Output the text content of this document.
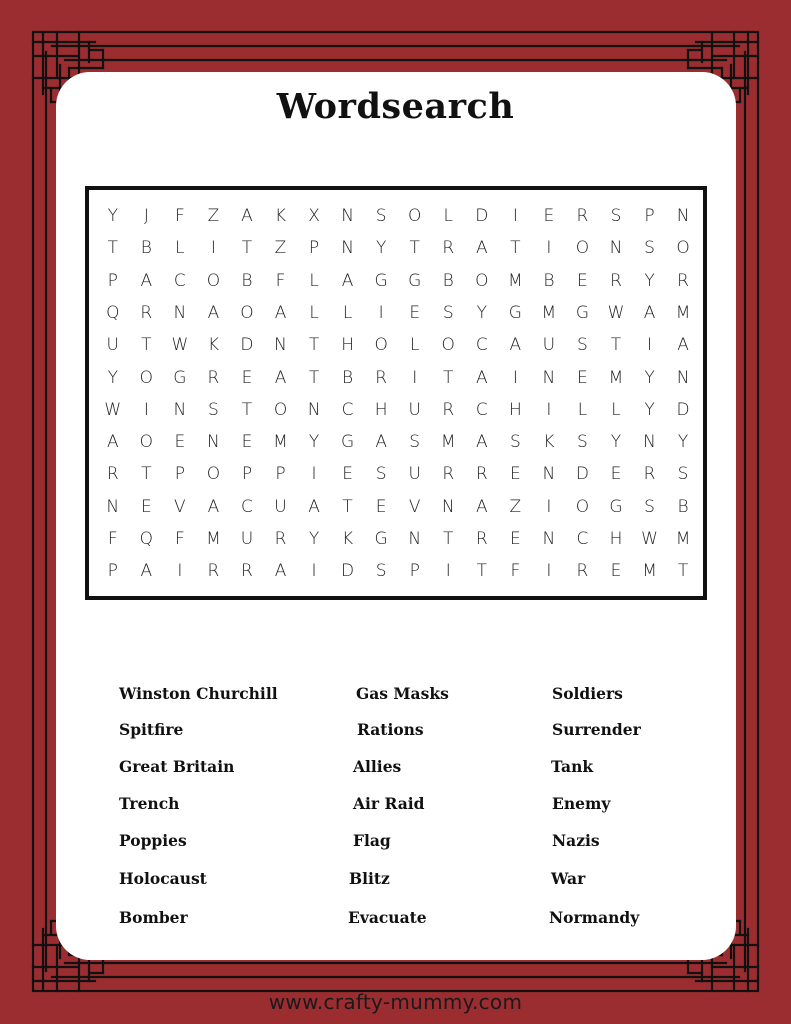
Wordsearch
Y	J	F	Z	A	K	X	N	S	O	L	D	I	E	R	S	P	N
T	B	L	I	T	Z	P	N	Y	T	R	A	T	I	O	N	S	O
P	A	C	O	B	F	L	A	G	G	B	O	M	B	E	R	Y	R
Q	R	N	A	O	A	L	L	I	E	S	Y	G	M	G	W	A	M
U	T	W	K	D	N	T	H	O	L	O	C	A	U	S	T	I	A
Y	O	G	R	E	A	T	B	R	I	T	A	I	N	E	M	Y	N
W	I	N	S	T	O	N	C	H	U	R	C	H	I	L	L	Y	D
A	O	E	N	E	M	Y	G	A	S	M	A	S	K	S	Y	N	Y
R	T	P	O	P	P	I	E	S	U	R	R	E	N	D	E	R	S
N	E	V	A	C	U	A	T	E	V	N	A	Z	I	O	G	S	B
F	Q	F	M	U	R	Y	K	G	N	T	R	E	N	C	H	W	M
P	A	I	R	R	A	I	D	S	P	I	T	F	I	R	E	M	T
Winston Churchill
Spitfire
Great Britain
Trench
Poppies
Holocaust
Bomber
Gas Masks
Rations
Allies
Air Raid
Flag
Blitz
Evacuate
Soldiers
Surrender
Tank
Enemy
Nazis
War
Normandy
www.crafty-mummy.com
